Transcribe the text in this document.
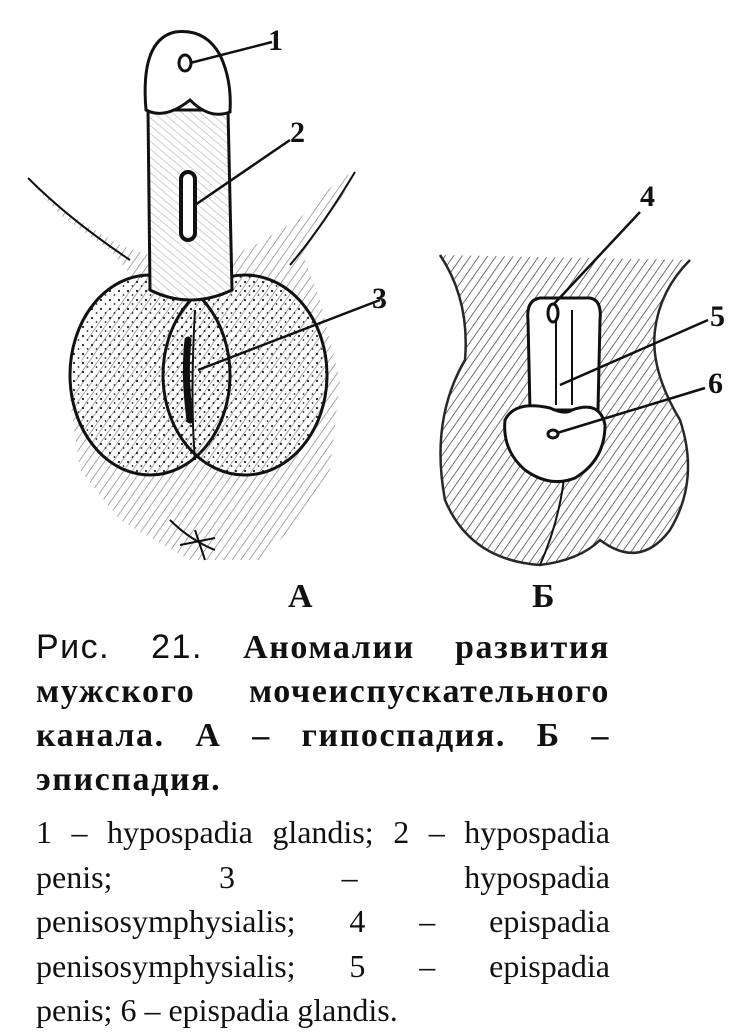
1
2
3
А
4
5
6
Б
Рис. 21. Аномалии развития
мужского мочеиспускательного
канала. А – гипоспадия. Б –
эписпадия.
1 – hypospadia glandis; 2 – hypospadia
penis;	3	–	hypospadia
penisosymphysialis; 4 – epispadia
penisosymphysialis; 5 – epispadia
penis; 6 – epispadia glandis.
